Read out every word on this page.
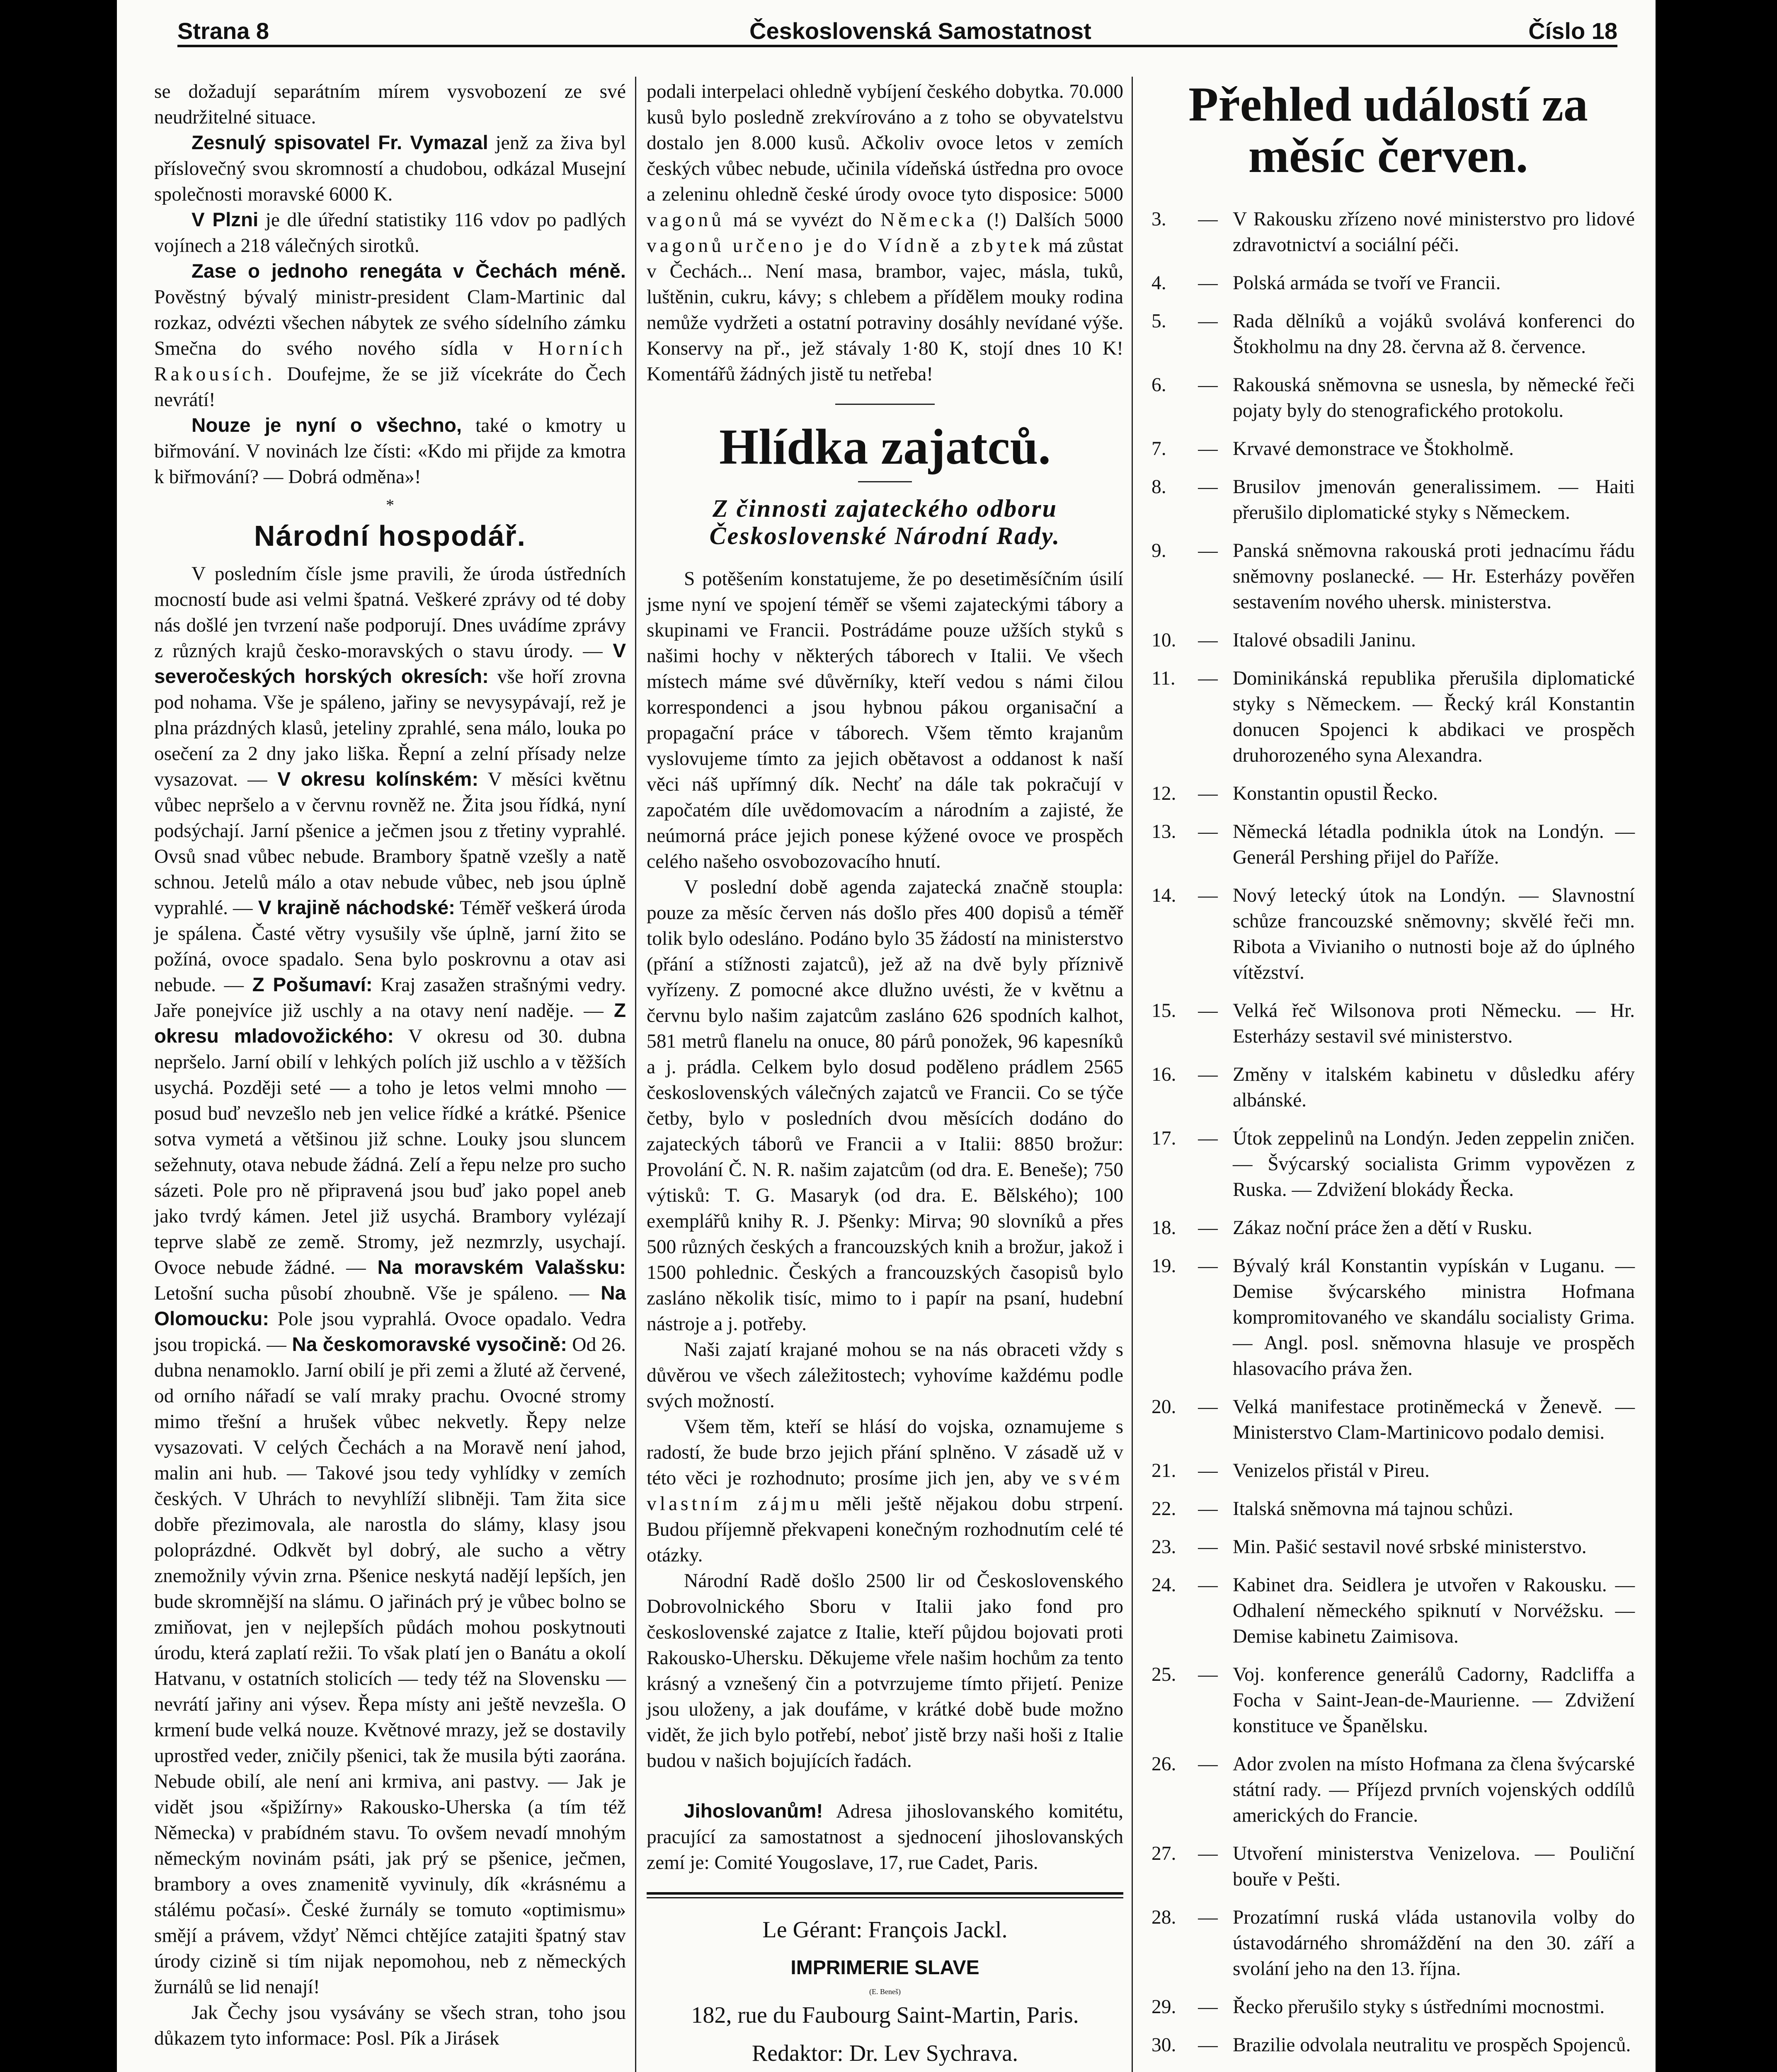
Strana 8	Československá Samostatnost	Číslo 18

se dožadují separátním mírem vysvobození ze své neudržitelné situace.

Zesnulý spisovatel Fr. Vymazal jenž za živa byl příslovečný svou skromností a chudobou, odkázal Musejní společnosti moravské 6000 K.

V Plzni je dle úřední statistiky 116 vdov po padlých vojínech a 218 válečných sirotků.

Zase o jednoho renegáta v Čechách méně. Pověstný bývalý ministr-president Clam-Martinic dal rozkaz, odvézti všechen nábytek ze svého sídelního zámku Smečna do svého nového sídla v Horních Rakousích. Doufejme, že se již vícekráte do Čech nevrátí!

Nouze je nyní o všechno, také o kmotry u biřmování. V novinách lze čísti: «Kdo mi přijde za kmotra k biřmování? — Dobrá odměna»!

*
Národní hospodář.

V posledním čísle jsme pravili, že úroda ústředních mocností bude asi velmi špatná. Veškeré zprávy od té doby nás došlé jen tvrzení naše podporují. Dnes uvádíme zprávy z různých krajů česko-moravských o stavu úrody. — V severočeských horských okresích: vše hoří zrovna pod nohama. Vše je spáleno, jařiny se nevysypávají, rež je plna prázdných klasů, jeteliny zprahlé, sena málo, louka po osečení za 2 dny jako liška. Řepní a zelní přísady nelze vysazovat. — V okresu kolínském: V měsíci květnu vůbec nepršelo a v červnu rovněž ne. Žita jsou řídká, nyní podsýchají. Jarní pšenice a ječmen jsou z třetiny vyprahlé. Ovsů snad vůbec nebude. Brambory špatně vzešly a natě schnou. Jetelů málo a otav nebude vůbec, neb jsou úplně vyprahlé. — V krajině náchodské: Téměř veškerá úroda je spálena. Časté větry vysušily vše úplně, jarní žito se požíná, ovoce spadalo. Sena bylo poskrovnu a otav asi nebude. — Z Pošumaví: Kraj zasažen strašnými vedry. Jaře ponejvíce již uschly a na otavy není naděje. — Z okresu mladovožického: V okresu od 30. dubna nepršelo. Jarní obilí v lehkých polích již uschlo a v těžších usychá. Později seté — a toho je letos velmi mnoho — posud buď nevzešlo neb jen velice řídké a krátké. Pšenice sotva vymetá a většinou již schne. Louky jsou sluncem sežehnuty, otava nebude žádná. Zelí a řepu nelze pro sucho sázeti. Pole pro ně připravená jsou buď jako popel aneb jako tvrdý kámen. Jetel již usychá. Brambory vylézají teprve slabě ze země. Stromy, jež nezmrzly, usychají. Ovoce nebude žádné. — Na moravském Valašsku: Letošní sucha působí zhoubně. Vše je spáleno. — Na Olomoucku: Pole jsou vyprahlá. Ovoce opadalo. Vedra jsou tropická. — Na českomoravské vysočině: Od 26. dubna nenamoklo. Jarní obilí je při zemi a žluté až červené, od orního nářadí se valí mraky prachu. Ovocné stromy mimo třešní a hrušek vůbec nekvetly. Řepy nelze vysazovati. V celých Čechách a na Moravě není jahod, malin ani hub. — Takové jsou tedy vyhlídky v zemích českých. V Uhrách to nevyhlíží slibněji. Tam žita sice dobře přezimovala, ale narostla do slámy, klasy jsou poloprázdné. Odkvět byl dobrý, ale sucho a větry znemožnily vývin zrna. Pšenice neskytá nadějí lepších, jen bude skromnější na slámu. O jařinách prý je vůbec bolno se zmiňovat, jen v nejlepších půdách mohou poskytnouti úrodu, která zaplatí režii. To však platí jen o Banátu a okolí Hatvanu, v ostatních stolicích — tedy též na Slovensku — nevrátí jařiny ani výsev. Řepa místy ani ještě nevzešla. O krmení bude velká nouze. Květnové mrazy, jež se dostavily uprostřed veder, zničily pšenici, tak že musila býti zaorána. Nebude obilí, ale není ani krmiva, ani pastvy. — Jak je vidět jsou «špižírny» Rakousko-Uherska (a tím též Německa) v prabídném stavu. To ovšem nevadí mnohým německým novinám psáti, jak prý se pšenice, ječmen, brambory a oves znamenitě vyvinuly, dík «krásnému a stálému počasí». České žurnály se tomuto «optimismu» smějí a právem, vždyť Němci chtějíce zatajiti špatný stav úrody cizině si tím nijak nepomohou, neb z německých žurnálů se lid nenají!

Jak Čechy jsou vysávány se všech stran, toho jsou důkazem tyto informace: Posl. Pík a Jirásek

podali interpelaci ohledně vybíjení českého dobytka. 70.000 kusů bylo posledně zrekvírováno a z toho se obyvatelstvu dostalo jen 8.000 kusů. Ačkoliv ovoce letos v zemích českých vůbec nebude, učinila vídeňská ústředna pro ovoce a zeleninu ohledně české úrody ovoce tyto disposice: 5000 vagonů má se vyvézt do Německa (!) Dalších 5000 vagonů určeno je do Vídně a zbytek má zůstat v Čechách... Není masa, brambor, vajec, másla, tuků, luštěnin, cukru, kávy; s chlebem a přídělem mouky rodina nemůže vydržeti a ostatní potraviny dosáhly nevídané výše. Konservy na př., jež stávaly 1·80 K, stojí dnes 10 K! Komentářů žádných jistě tu netřeba!

Hlídka zajatců.
Z činnosti zajateckého odboru
Československé Národní Rady.

S potěšením konstatujeme, že po desetiměsíčním úsilí jsme nyní ve spojení téměř se všemi zajateckými tábory a skupinami ve Francii. Postrádáme pouze užších styků s našimi hochy v některých táborech v Italii. Ve všech místech máme své důvěrníky, kteří vedou s námi čilou korrespondenci a jsou hybnou pákou organisační a propagační práce v táborech. Všem těmto krajanům vyslovujeme tímto za jejich obětavost a oddanost k naší věci náš upřímný dík. Nechť na dále tak pokračují v započatém díle uvědomovacím a národním a zajisté, že neúmorná práce jejich ponese kýžené ovoce ve prospěch celého našeho osvobozovacího hnutí.

V poslední době agenda zajatecká značně stoupla: pouze za měsíc červen nás došlo přes 400 dopisů a téměř tolik bylo odesláno. Podáno bylo 35 žádostí na ministerstvo (přání a stížnosti zajatců), jež až na dvě byly příznivě vyřízeny. Z pomocné akce dlužno uvésti, že v květnu a červnu bylo našim zajatcům zasláno 626 spodních kalhot, 581 metrů flanelu na onuce, 80 párů ponožek, 96 kapesníků a j. prádla. Celkem bylo dosud poděleno prádlem 2565 československých válečných zajatců ve Francii. Co se týče četby, bylo v posledních dvou měsících dodáno do zajateckých táborů ve Francii a v Italii: 8850 brožur: Provolání Č. N. R. našim zajatcům (od dra. E. Beneše); 750 výtisků: T. G. Masaryk (od dra. E. Bělského); 100 exemplářů knihy R. J. Pšenky: Mirva; 90 slovníků a přes 500 různých českých a francouzských knih a brožur, jakož i 1500 pohlednic. Českých a francouzských časopisů bylo zasláno několik tisíc, mimo to i papír na psaní, hudební nástroje a j. potřeby.

Naši zajatí krajané mohou se na nás obraceti vždy s důvěrou ve všech záležitostech; vyhovíme každému podle svých možností.

Všem těm, kteří se hlásí do vojska, oznamujeme s radostí, že bude brzo jejich přání splněno. V zásadě už v této věci je rozhodnuto; prosíme jich jen, aby ve svém vlastním zájmu měli ještě nějakou dobu strpení. Budou příjemně překvapeni konečným rozhodnutím celé té otázky.

Národní Radě došlo 2500 lir od Československého Dobrovolnického Sboru v Italii jako fond pro československé zajatce z Italie, kteří půjdou bojovati proti Rakousko-Uhersku. Děkujeme vřele našim hochům za tento krásný a vznešený čin a potvrzujeme tímto přijetí. Penize jsou uloženy, a jak doufáme, v krátké době bude možno vidět, že jich bylo potřebí, neboť jistě brzy naši hoši z Italie budou v našich bojujících řadách.

Jihoslovanům! Adresa jihoslovanského komitétu, pracující za samostatnost a sjednocení jihoslovanských zemí je: Comité Yougoslave, 17, rue Cadet, Paris.

Le Gérant: François Jackl.

IMPRIMERIE SLAVE

(E. Beneš)

182, rue du Faubourg Saint-Martin, Paris.

Redaktor: Dr. Lev Sychrava.

Přehled událostí za měsíc červen.
3.	— V Rakousku zřízeno nové ministerstvo pro lidové zdravotnictví a sociální péči.
4.	— Polská armáda se tvoří ve Francii.
5.	— Rada dělníků a vojáků svolává konferenci do Štokholmu na dny 28. června až 8. července.
6.	— Rakouská sněmovna se usnesla, by německé řeči pojaty byly do stenografického protokolu.
7.	— Krvavé demonstrace ve Štokholmě.
8.	— Brusilov jmenován generalissimem. — Haiti přerušilo diplomatické styky s Německem.
9.	— Panská sněmovna rakouská proti jednacímu řádu sněmovny poslanecké. — Hr. Esterházy pověřen sestavením nového uhersk. ministerstva.
10.	— Italové obsadili Janinu.
11.	— Dominikánská republika přerušila diplomatické styky s Německem. — Řecký král Konstantin donucen Spojenci k abdikaci ve prospěch druhorozeného syna Alexandra.
12.	— Konstantin opustil Řecko.
13.	— Německá létadla podnikla útok na Londýn. — Generál Pershing přijel do Paříže.
14.	— Nový letecký útok na Londýn. — Slavnostní schůze francouzské sněmovny; skvělé řeči mn. Ribota a Vivianiho o nutnosti boje až do úplného vítězství.
15.	— Velká řeč Wilsonova proti Německu. — Hr. Esterházy sestavil své ministerstvo.
16.	— Změny v italském kabinetu v důsledku aféry albánské.
17.	— Útok zeppelinů na Londýn. Jeden zeppelin zničen. — Švýcarský socialista Grimm vypovězen z Ruska. — Zdvižení blokády Řecka.
18.	— Zákaz noční práce žen a dětí v Rusku.
19.	— Bývalý král Konstantin vypískán v Luganu. — Demise švýcarského ministra Hofmana kompromitovaného ve skandálu socialisty Grima. — Angl. posl. sněmovna hlasuje ve prospěch hlasovacího práva žen.
20.	— Velká manifestace protiněmecká v Ženevě. — Ministerstvo Clam-Martinicovo podalo demisi.
21.	— Venizelos přistál v Pireu.
22.	— Italská sněmovna má tajnou schůzi.
23.	— Min. Pašić sestavil nové srbské ministerstvo.
24.	— Kabinet dra. Seidlera je utvořen v Rakousku. — Odhalení německého spiknutí v Norvéžsku. — Demise kabinetu Zaimisova.
25.	— Voj. konference generálů Cadorny, Radcliffa a Focha v Saint-Jean-de-Maurienne. — Zdvižení konstituce ve Španělsku.
26.	— Ador zvolen na místo Hofmana za člena švýcarské státní rady. — Příjezd prvních vojenských oddílů amerických do Francie.
27.	— Utvoření ministerstva Venizelova. — Pouliční bouře v Pešti.
28.	— Prozatímní ruská vláda ustanovila volby do ústavodárného shromáždění na den 30. září a svolání jeho na den 13. října.
29.	— Řecko přerušilo styky s ústředními mocnostmi.
30.	— Brazilie odvolala neutralitu ve prospěch Spojenců.
